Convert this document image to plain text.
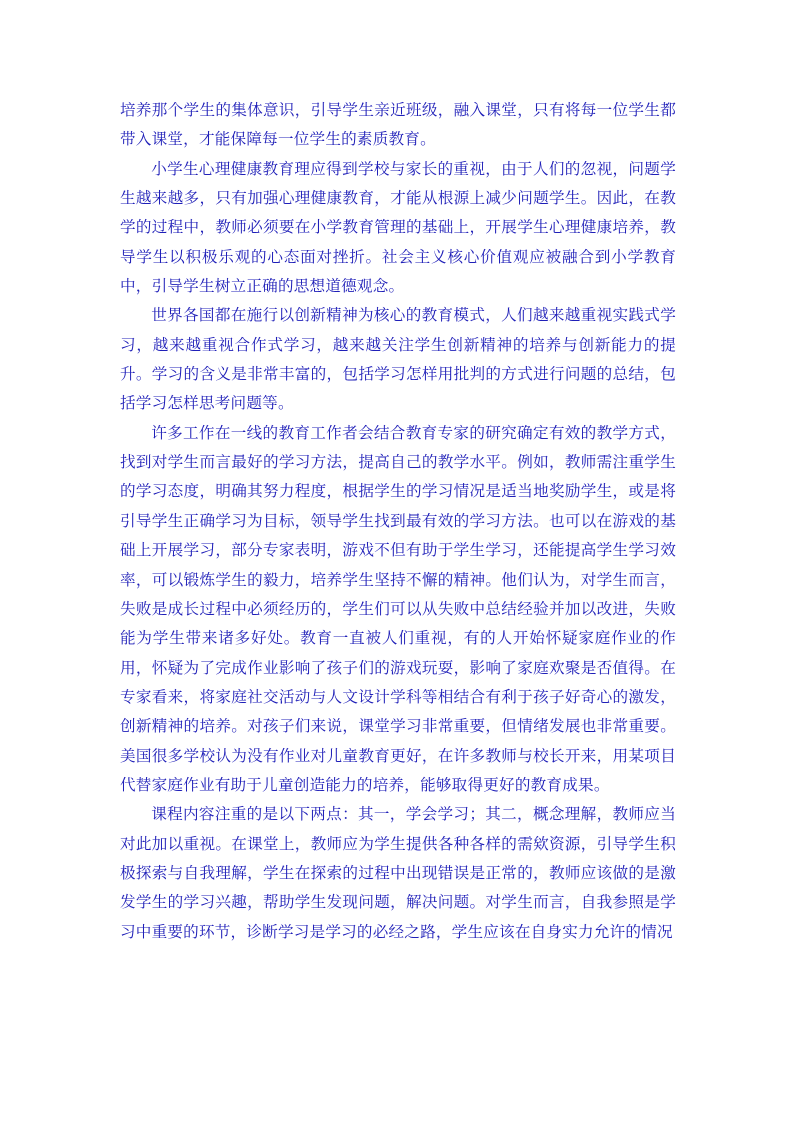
培养那个学生的集体意识，引导学生亲近班级，融入课堂，只有将每一位学生都带入课堂，才能保障每一位学生的素质教育。

小学生心理健康教育理应得到学校与家长的重视，由于人们的忽视，问题学生越来越多，只有加强心理健康教育，才能从根源上减少问题学生。因此，在教学的过程中，教师必须要在小学教育管理的基础上，开展学生心理健康培养，教导学生以积极乐观的心态面对挫折。社会主义核心价值观应被融合到小学教育中，引导学生树立正确的思想道德观念。

世界各国都在施行以创新精神为核心的教育模式，人们越来越重视实践式学习，越来越重视合作式学习，越来越关注学生创新精神的培养与创新能力的提升。学习的含义是非常丰富的，包括学习怎样用批判的方式进行问题的总结，包括学习怎样思考问题等。

许多工作在一线的教育工作者会结合教育专家的研究确定有效的教学方式，找到对学生而言最好的学习方法，提高自己的教学水平。例如，教师需注重学生的学习态度，明确其努力程度，根据学生的学习情况是适当地奖励学生，或是将引导学生正确学习为目标，领导学生找到最有效的学习方法。也可以在游戏的基础上开展学习，部分专家表明，游戏不但有助于学生学习，还能提高学生学习效率，可以锻炼学生的毅力，培养学生坚持不懈的精神。他们认为，对学生而言，失败是成长过程中必须经历的，学生们可以从失败中总结经验并加以改进，失败能为学生带来诸多好处。教育一直被人们重视，有的人开始怀疑家庭作业的作用，怀疑为了完成作业影响了孩子们的游戏玩耍，影响了家庭欢聚是否值得。在专家看来，将家庭社交活动与人文设计学科等相结合有利于孩子好奇心的激发，创新精神的培养。对孩子们来说，课堂学习非常重要，但情绪发展也非常重要。美国很多学校认为没有作业对儿童教育更好，在许多教师与校长开来，用某项目代替家庭作业有助于儿童创造能力的培养，能够取得更好的教育成果。

课程内容注重的是以下两点：其一，学会学习；其二，概念理解，教师应当对此加以重视。在课堂上，教师应为学生提供各种各样的需欸资源，引导学生积极探索与自我理解，学生在探索的过程中出现错误是正常的，教师应该做的是激发学生的学习兴趣，帮助学生发现问题，解决问题。对学生而言，自我参照是学习中重要的环节，诊断学习是学习的必经之路，学生应该在自身实力允许的情况
